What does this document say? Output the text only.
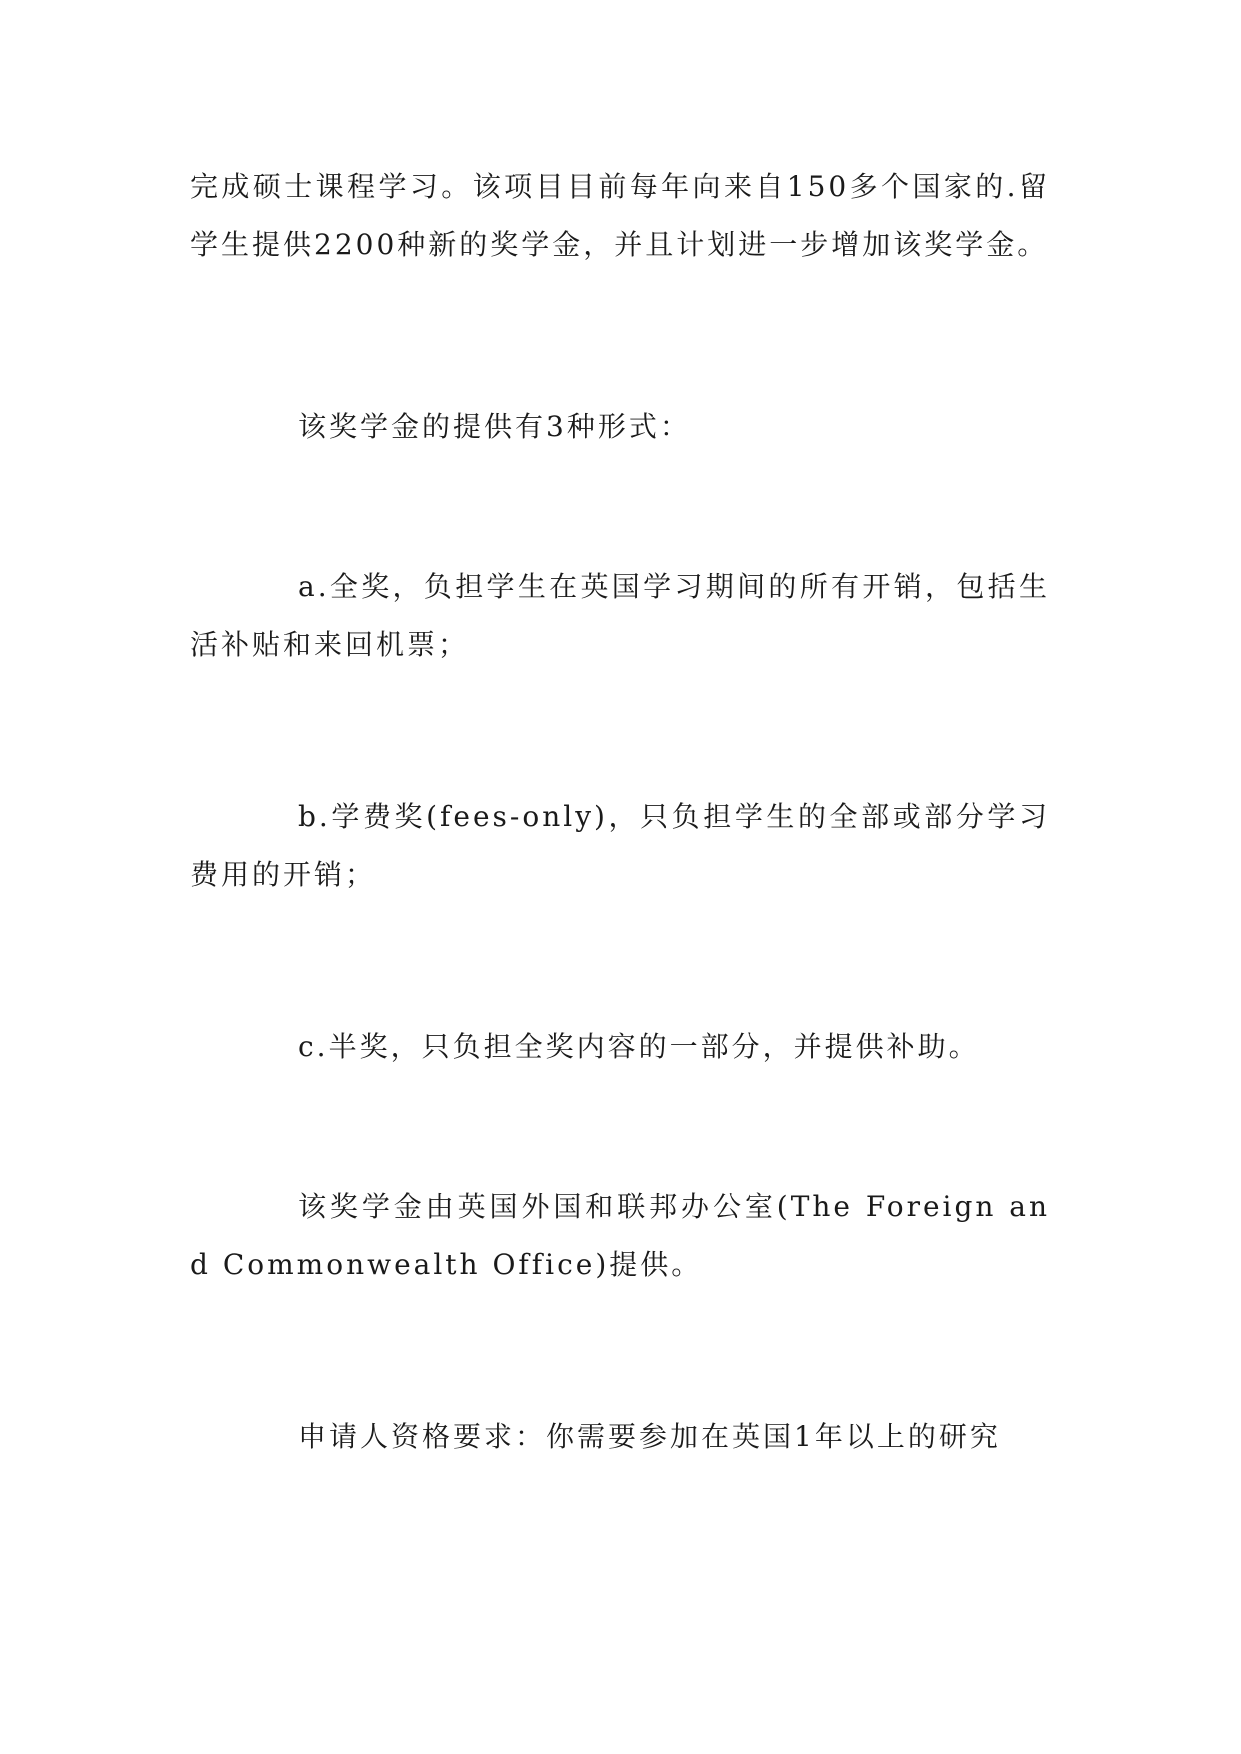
完成硕士课程学习。该项目目前每年向来自150多个国家的.留学生提供2200种新的奖学金，并且计划进一步增加该奖学金。

该奖学金的提供有3种形式：

a.全奖，负担学生在英国学习期间的所有开销，包括生活补贴和来回机票；

b.学费奖(fees-only)，只负担学生的全部或部分学习费用的开销；

c.半奖，只负担全奖内容的一部分，并提供补助。

该奖学金由英国外国和联邦办公室(The Foreign and Commonwealth Office)提供。

申请人资格要求：你需要参加在英国1年以上的研究
